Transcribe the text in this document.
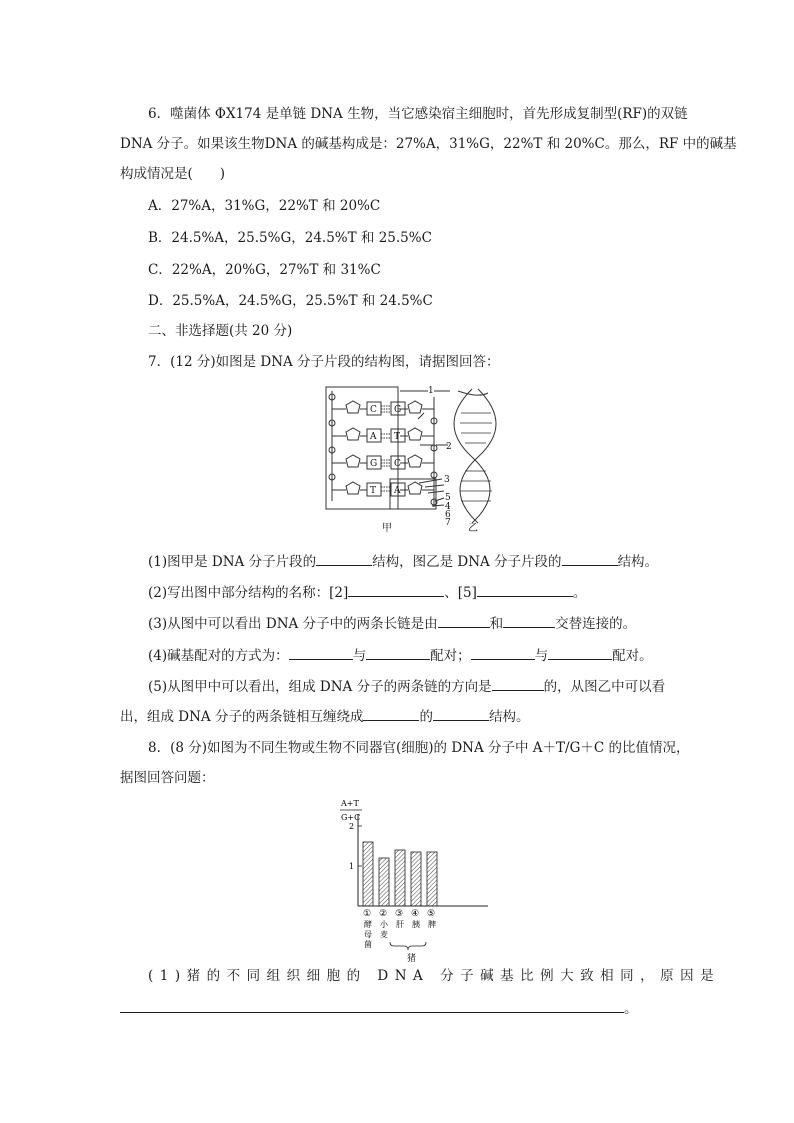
6．噬菌体 ΦX174 是单链 DNA 生物，当它感染宿主细胞时，首先形成复制型(RF)的双链
DNA 分子。如果该生物DNA 的碱基构成是：27%A，31%G，22%T 和 20%C。那么，RF 中的碱基
构成情况是(　　)
A．27%A，31%G，22%T 和 20%C
B．24.5%A，25.5%G，24.5%T 和 25.5%C
C．22%A，20%G，27%T 和 31%C
D．25.5%A，24.5%G，25.5%T 和 24.5%C
二、非选择题(共 20 分)
7．(12 分)如图是 DNA 分子片段的结构图，请据图回答：
C G
A T
G C
T A
1
2
3
4
5
6
7
甲	乙
(1)图甲是 DNA 分子片段的	结构，图乙是 DNA 分子片段的	结构。
(2)写出图中部分结构的名称：[2]	、[5]	。
(3)从图中可以看出 DNA 分子中的两条长链是由	和	交替连接的。
(4)碱基配对的方式为：	与	配对；	与	配对。
(5)从图甲中可以看出，组成 DNA 分子的两条链的方向是	的，从图乙中可以看
出，组成 DNA 分子的两条链相互缠绕成	的	结构。
8．(8 分)如图为不同生物或生物不同器官(细胞)的 DNA 分子中 A＋T/G＋C 的比值情况，
据图回答问题：
A+T
G+C
1
2
①
酵
母
菌
②
小
麦
③
肝
④
胰
⑤
脾
猪
(1)猪的不同组织细胞的 DNA 分子碱基比例大致相同，原因是
。
